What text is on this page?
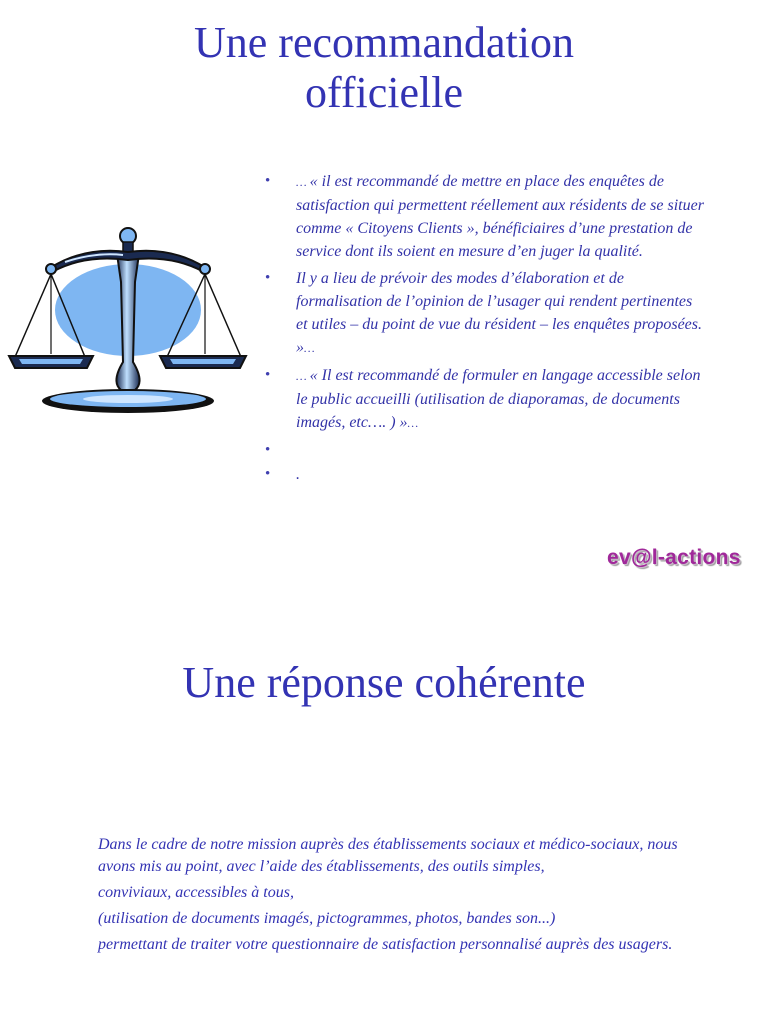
Une recommandation
officielle
• … « il est recommandé de mettre en place des enquêtes de satisfaction qui permettent réellement aux résidents de se situer comme « Citoyens Clients », bénéficiaires d’une prestation de service dont ils soient en mesure d’en juger la qualité.
• Il y a lieu de prévoir des modes d’élaboration et de formalisation de l’opinion de l’usager qui rendent pertinentes et utiles – du point de vue du résident – les enquêtes proposées. »…
• … « Il est recommandé de formuler en langage accessible selon le public accueilli (utilisation de diaporamas, de documents imagés, etc…. ) »…
•
• .
ev@l-actions
Une réponse cohérente

Dans le cadre de notre mission auprès des établissements sociaux et médico-sociaux, nous avons mis au point, avec l’aide des établissements, des outils simples,

conviviaux, accessibles à tous,

(utilisation de documents imagés, pictogrammes, photos, bandes son...)

permettant de traiter votre questionnaire de satisfaction personnalisé auprès des usagers.
